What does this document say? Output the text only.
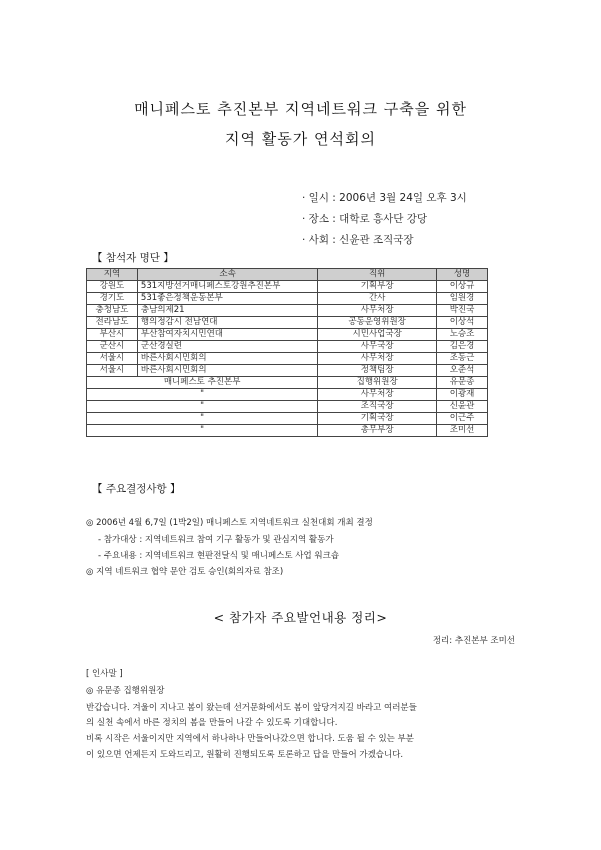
매니페스토 추진본부 지역네트워크 구축을 위한
지역 활동가 연석회의
· 일시 : 2006년 3월 24일 오후 3시
· 장소 : 대학로 흥사단 강당
· 사회 : 신윤관 조직국장
【 참석자 명단 】
지역	소속	직위	성명
강원도	531지방선거매니페스토강원추진본부	기획부장	이상규
경기도	531좋은정책운동본부	간사	임원경
충청남도	충남의제21	사무처장	박진국
전라남도	행의정감시 전남연대	공동운영위원장	이상석
부산시	부산참여자치시민연대	시민사업국장	노승조
군산시	군산경실련	사무국장	김은경
서울시	바른사회시민회의	사무처장	조동근
서울시	바른사회시민회의	정책팀장	오준석
매니페스토 추진본부		집행위원장	유문종
"		사무처장	이광재
"		조직국장	신윤관
"		기획국장	이근주
"		총무부장	조미선
【 주요결정사항 】
◎ 2006년 4월 6,7일 (1박2일) 매니페스토 지역네트워크 실천대회 개최 결정
- 참가대상 : 지역네트워크 참여 기구 활동가 및 관심지역 활동가
- 주요내용 : 지역네트워크 현판전달식 및 매니페스토 사업 워크숍
◎ 지역 네트워크 협약 문안 검토 승인(회의자료 참조)
< 참가자 주요발언내용 정리>
정리: 추진본부 조미선
[ 인사말 ]
◎ 유문종 집행위원장
반갑습니다. 겨울이 지나고 봄이 왔는데 선거문화에서도 봄이 앞당겨지길 바라고 여러분들
의 실천 속에서 바른 정치의 봄을 만들어 나갈 수 있도록 기대합니다.
비록 시작은 서울이지만 지역에서 하나하나 만들어나갔으면 합니다. 도움 될 수 있는 부분
이 있으면 언제든지 도와드리고, 원활히 진행되도록 토론하고 답을 만들어 가겠습니다.
